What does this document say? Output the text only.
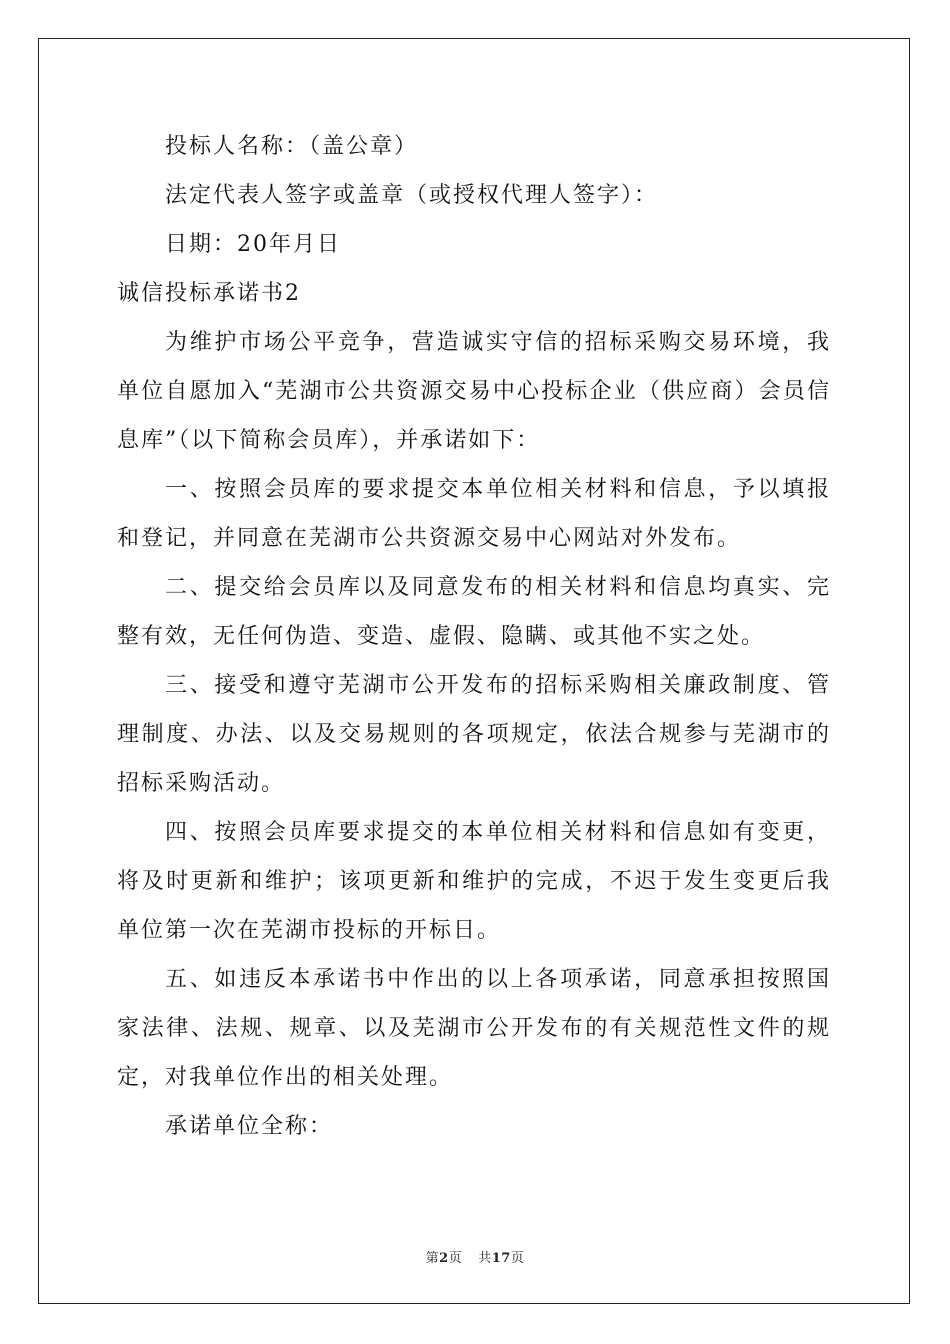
投标人名称：（盖公章）

法定代表人签字或盖章（或授权代理人签字）：

日期：20年月日

诚信投标承诺书2

为维护市场公平竞争，营造诚实守信的招标采购交易环境，我单位自愿加入“芜湖市公共资源交易中心投标企业（供应商）会员信息库”（以下简称会员库），并承诺如下：

一、按照会员库的要求提交本单位相关材料和信息，予以填报和登记，并同意在芜湖市公共资源交易中心网站对外发布。

二、提交给会员库以及同意发布的相关材料和信息均真实、完整有效，无任何伪造、变造、虚假、隐瞒、或其他不实之处。

三、接受和遵守芜湖市公开发布的招标采购相关廉政制度、管理制度、办法、以及交易规则的各项规定，依法合规参与芜湖市的招标采购活动。

四、按照会员库要求提交的本单位相关材料和信息如有变更，将及时更新和维护；该项更新和维护的完成，不迟于发生变更后我单位第一次在芜湖市投标的开标日。

五、如违反本承诺书中作出的以上各项承诺，同意承担按照国家法律、法规、规章、以及芜湖市公开发布的有关规范性文件的规定，对我单位作出的相关处理。

承诺单位全称：

第2页 共17页
